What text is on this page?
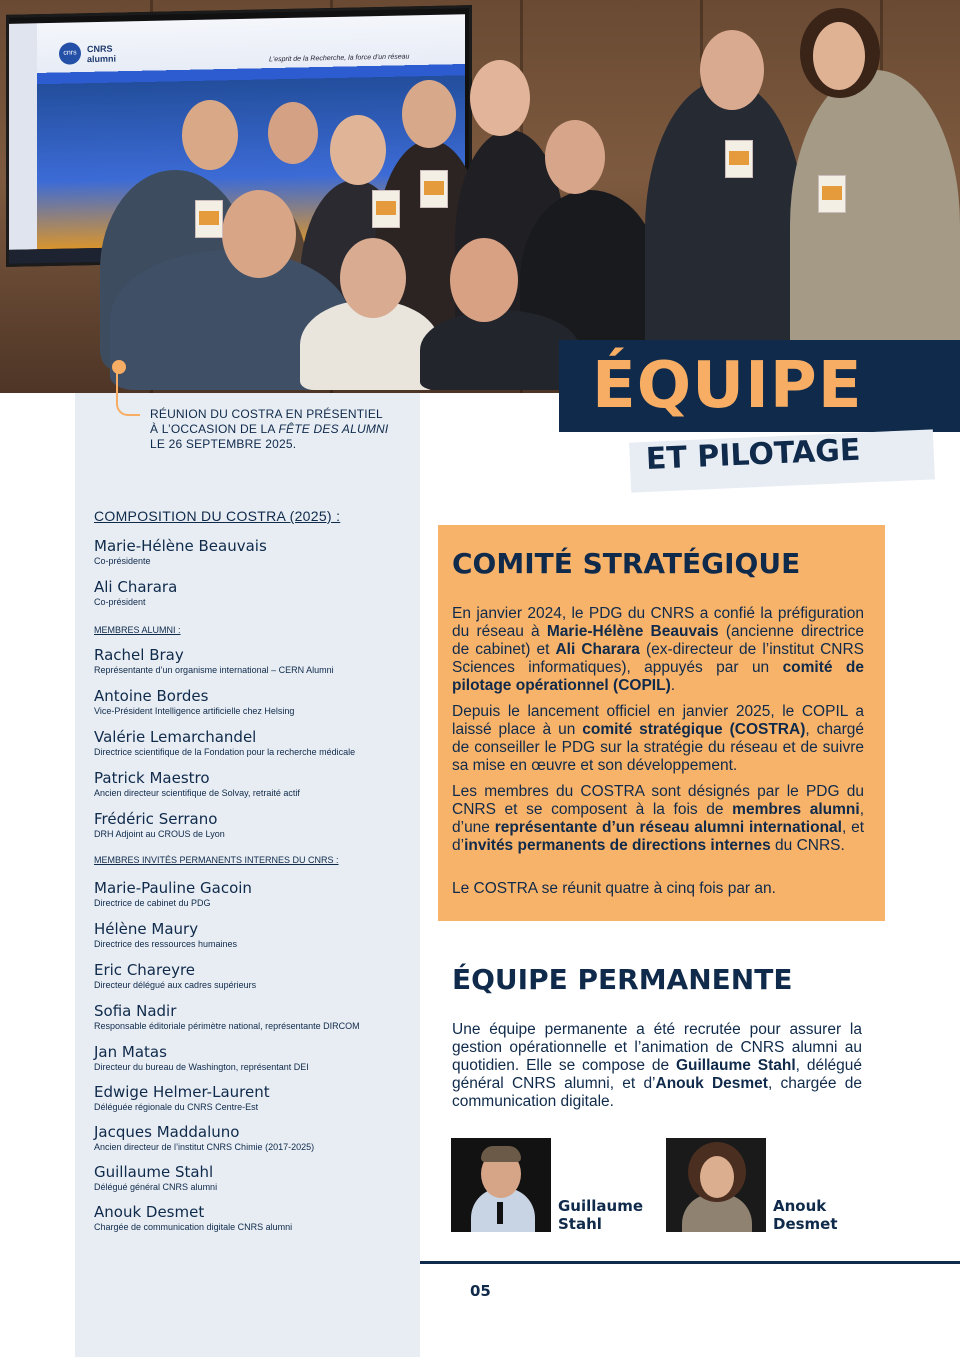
cnrs	CNRS
alumni	L'esprit de la Recherche, la force d'un réseau
RÉUNION DU COSTRA EN PRÉSENTIEL
À L’OCCASION DE LA FÊTE DES ALUMNI
LE 26 SEPTEMBRE 2025.
ÉQUIPE
ET PILOTAGE
COMPOSITION DU COSTRA (2025) :
Marie-Hélène Beauvais
Co-présidente
Ali Charara
Co-président
MEMBRES ALUMNI :
Rachel Bray
Représentante d’un organisme international – CERN Alumni
Antoine Bordes
Vice-Président Intelligence artificielle chez Helsing
Valérie Lemarchandel
Directrice scientifique de la Fondation pour la recherche médicale
Patrick Maestro
Ancien directeur scientifique de Solvay, retraité actif
Frédéric Serrano
DRH Adjoint au CROUS de Lyon
MEMBRES INVITÉS PERMANENTS INTERNES DU CNRS :
Marie-Pauline Gacoin
Directrice de cabinet du PDG
Hélène Maury
Directrice des ressources humaines
Eric Chareyre
Directeur délégué aux cadres supérieurs
Sofia Nadir
Responsable éditoriale périmètre national, représentante DIRCOM
Jan Matas
Directeur du bureau de Washington, représentant DEI
Edwige Helmer-Laurent
Déléguée régionale du CNRS Centre-Est
Jacques Maddaluno
Ancien directeur de l’institut CNRS Chimie (2017-2025)
Guillaume Stahl
Délégué général CNRS alumni
Anouk Desmet
Chargée de communication digitale CNRS alumni
COMITÉ STRATÉGIQUE
En janvier 2024, le PDG du CNRS a confié la préfiguration du réseau à Marie-Hélène Beauvais (ancienne directrice de cabinet) et Ali Charara (ex-directeur de l’institut CNRS Sciences informatiques), appuyés par un comité de pilotage opérationnel (COPIL).
Depuis le lancement officiel en janvier 2025, le COPIL a laissé place à un comité stratégique (COSTRA), chargé de conseiller le PDG sur la stratégie du réseau et de suivre sa mise en œuvre et son développement.
Les membres du COSTRA sont désignés par le PDG du CNRS et se composent à la fois de membres alumni, d’une représentante d’un réseau alumni international, et d’invités permanents de directions internes du CNRS.
Le COSTRA se réunit quatre à cinq fois par an.
ÉQUIPE PERMANENTE
Une équipe permanente a été recrutée pour assurer la gestion opérationnelle et l’animation de CNRS alumni au quotidien. Elle se compose de Guillaume Stahl, délégué général CNRS alumni, et d’Anouk Desmet, chargée de communication digitale.
Guillaume
Stahl
Anouk
Desmet
05
